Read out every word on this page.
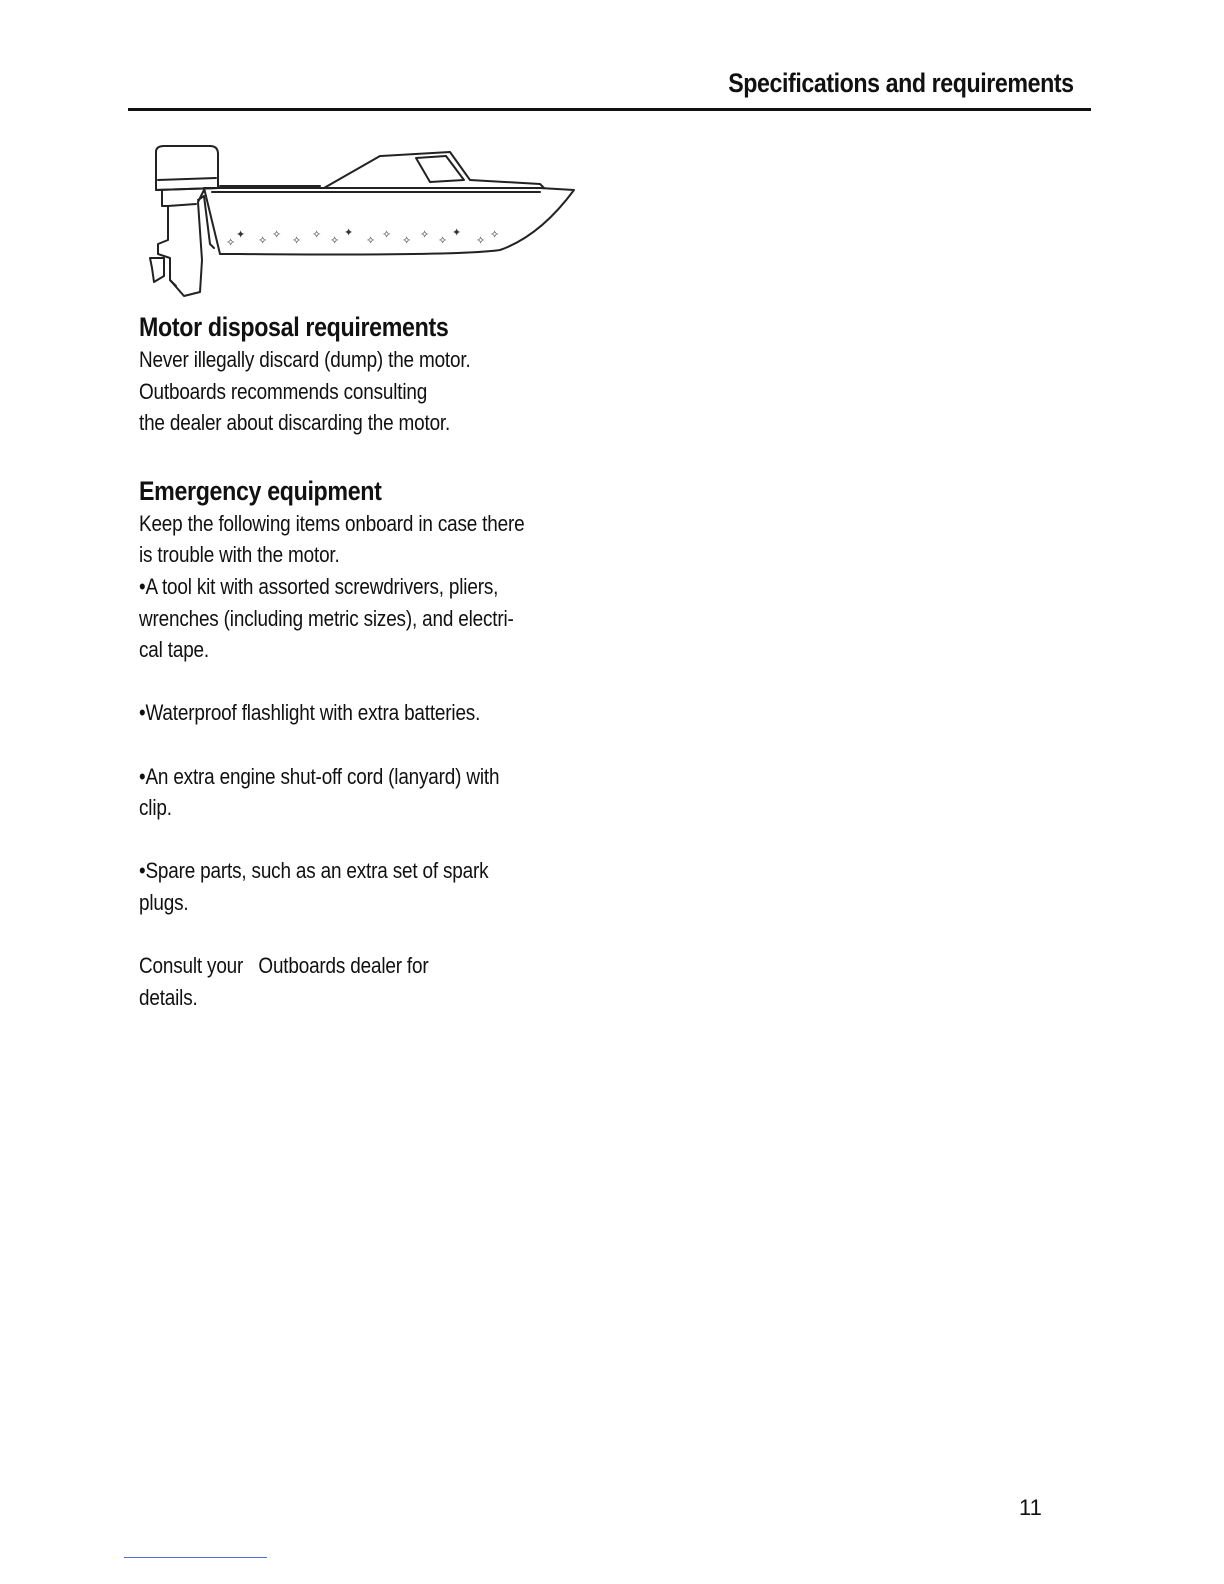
Specifications and requirements
✧
✦ ✧ ✧ ✧ ✧ ✧
✦
✧ ✧ ✧ ✧ ✧
✦
✧ ✧
Motor disposal requirements

Never illegally discard (dump) the motor.

Outboards recommends consulting

the dealer about discarding the motor.

Emergency equipment

Keep the following items onboard in case there

is trouble with the motor.

•A tool kit with assorted screwdrivers, pliers,

wrenches (including metric sizes), and electri-

cal tape.

•Waterproof flashlight with extra batteries.

•An extra engine shut-off cord (lanyard) with

clip.

•Spare parts, such as an extra set of spark

plugs.

Consult your   Outboards dealer for

details.

11
